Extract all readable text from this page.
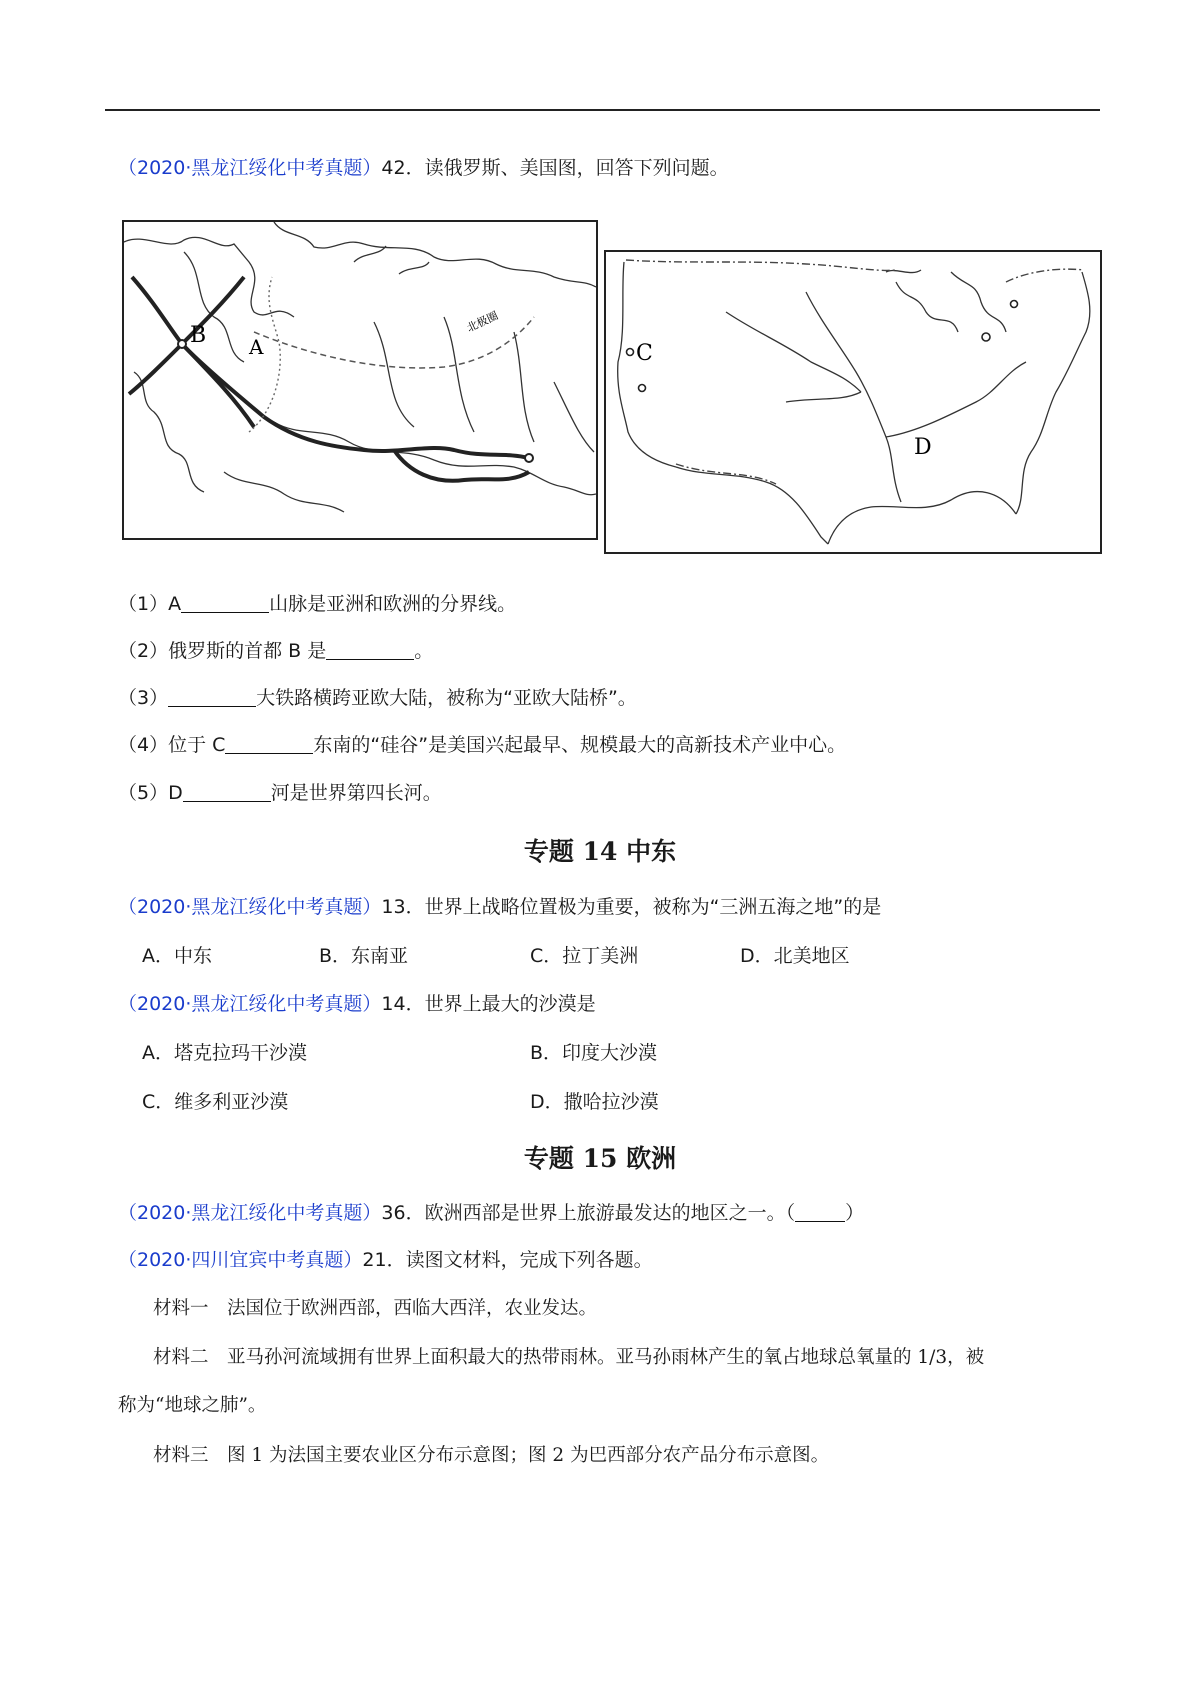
（2020·黑龙江绥化中考真题）42．读俄罗斯、美国图，回答下列问题。
B A
北极圈
C
D
（1）A	山脉是亚洲和欧洲的分界线。
（2）俄罗斯的首都 B 是	。
（3）	大铁路横跨亚欧大陆，被称为“亚欧大陆桥”。
（4）位于 C	东南的“硅谷”是美国兴起最早、规模最大的高新技术产业中心。
（5）D	河是世界第四长河。
专题 14 中东
（2020·黑龙江绥化中考真题）13．世界上战略位置极为重要，被称为“三洲五海之地”的是
A．中东	B．东南亚	C．拉丁美洲	D．北美地区
（2020·黑龙江绥化中考真题）14．世界上最大的沙漠是
A．塔克拉玛干沙漠	B．印度大沙漠
C．维多利亚沙漠	D．撒哈拉沙漠
专题 15 欧洲
（2020·黑龙江绥化中考真题）36．欧洲西部是世界上旅游最发达的地区之一。（	）
（2020·四川宜宾中考真题）21．读图文材料，完成下列各题。
材料一　法国位于欧洲西部，西临大西洋，农业发达。
材料二　亚马孙河流域拥有世界上面积最大的热带雨林。亚马孙雨林产生的氧占地球总氧量的 1/3，被
称为“地球之肺”。
材料三　图 1 为法国主要农业区分布示意图；图 2 为巴西部分农产品分布示意图。
